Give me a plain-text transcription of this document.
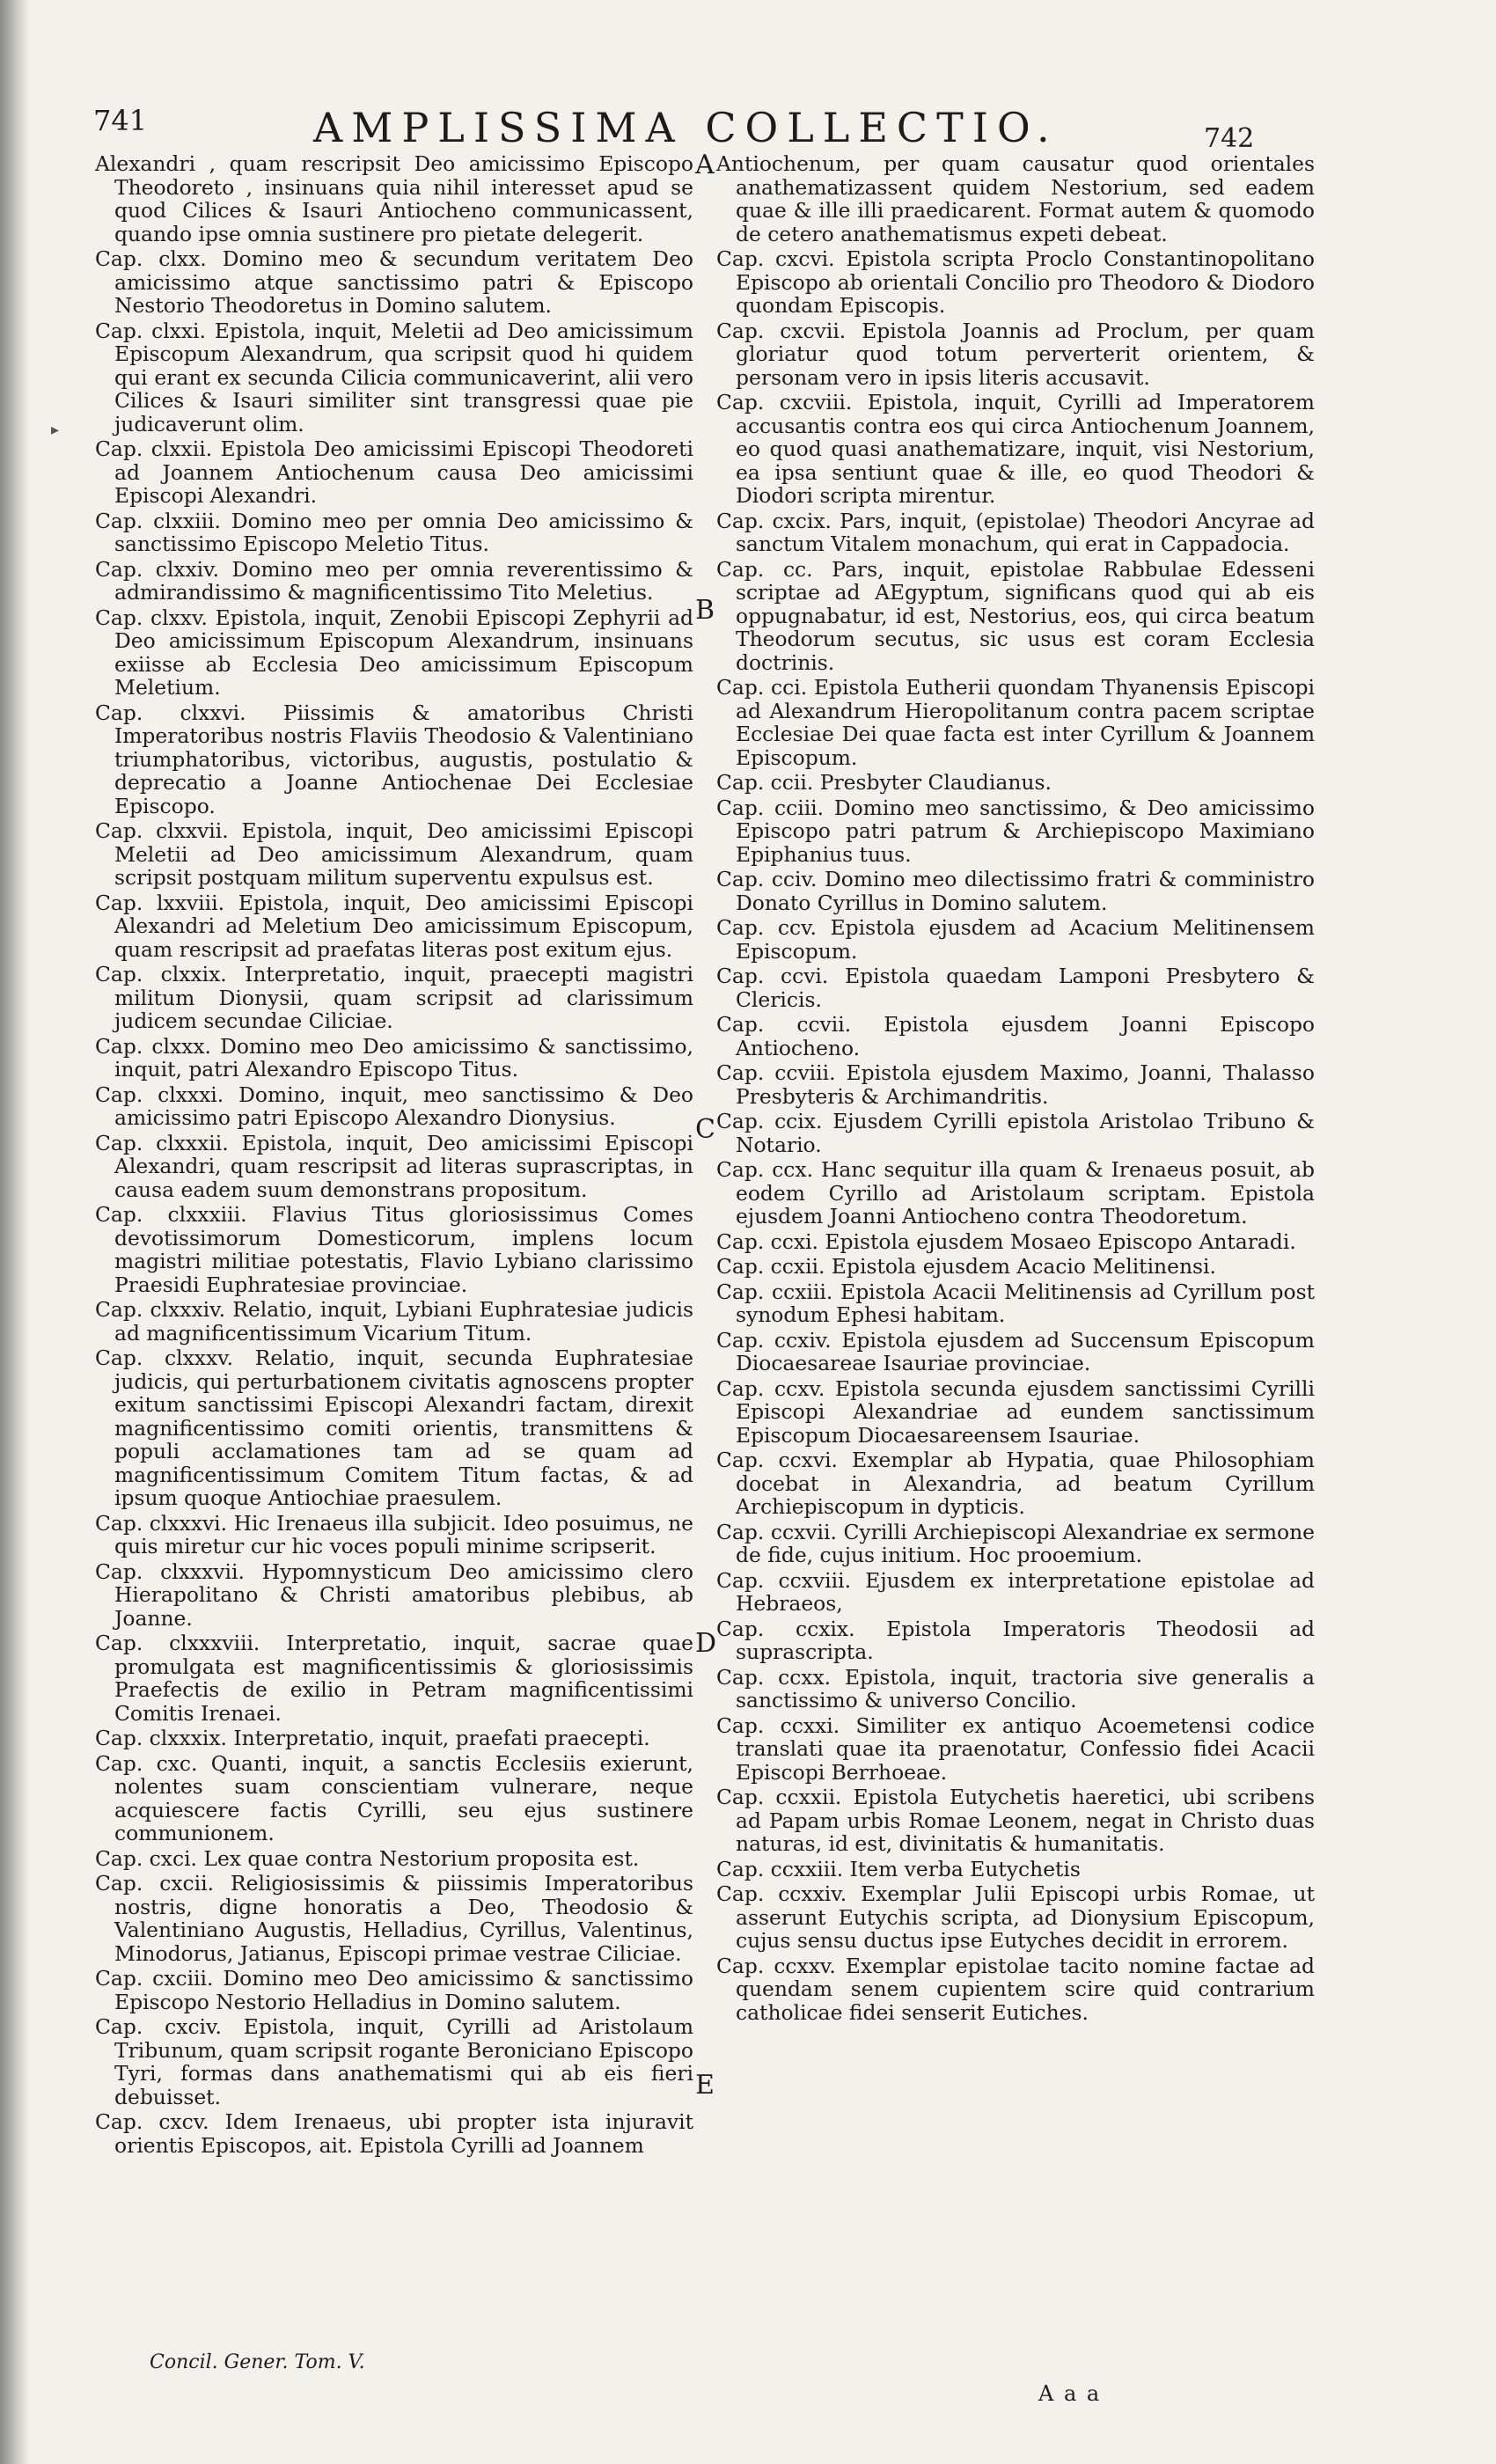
▸
741	AMPLISSIMA COLLECTIO.	742

Alexandri , quam rescripsit Deo amicissimo Episcopo Theodoreto , insinuans quia nihil interesset apud se quod Cilices & Isauri Antiocheno communicassent, quando ipse omnia sustinere pro pietate delegerit.

Cap. clxx. Domino meo & secundum veritatem Deo amicissimo atque sanctissimo patri & Episcopo Nestorio Theodoretus in Domino salutem.

Cap. clxxi. Epistola, inquit, Meletii ad Deo amicissimum Episcopum Alexandrum, qua scripsit quod hi quidem qui erant ex secunda Cilicia communicaverint, alii vero Cilices & Isauri similiter sint transgressi quae pie judicaverunt olim.

Cap. clxxii. Epistola Deo amicissimi Episcopi Theodoreti ad Joannem Antiochenum causa Deo amicissimi Episcopi Alexandri.

Cap. clxxiii. Domino meo per omnia Deo amicissimo & sanctissimo Episcopo Meletio Titus.

Cap. clxxiv. Domino meo per omnia reverentissimo & admirandissimo & magnificentissimo Tito Meletius.

Cap. clxxv. Epistola, inquit, Zenobii Episcopi Zephyrii ad Deo amicissimum Episcopum Alexandrum, insinuans exiisse ab Ecclesia Deo amicissimum Episcopum Meletium.

Cap. clxxvi. Piissimis & amatoribus Christi Imperatoribus nostris Flaviis Theodosio & Valentiniano triumphatoribus, victoribus, augustis, postulatio & deprecatio a Joanne Antiochenae Dei Ecclesiae Episcopo.

Cap. clxxvii. Epistola, inquit, Deo amicissimi Episcopi Meletii ad Deo amicissimum Alexandrum, quam scripsit postquam militum superventu expulsus est.

Cap. lxxviii. Epistola, inquit, Deo amicissimi Episcopi Alexandri ad Meletium Deo amicissimum Episcopum, quam rescripsit ad praefatas literas post exitum ejus.

Cap. clxxix. Interpretatio, inquit, praecepti magistri militum Dionysii, quam scripsit ad clarissimum judicem secundae Ciliciae.

Cap. clxxx. Domino meo Deo amicissimo & sanctissimo, inquit, patri Alexandro Episcopo Titus.

Cap. clxxxi. Domino, inquit, meo sanctissimo & Deo amicissimo patri Episcopo Alexandro Dionysius.

Cap. clxxxii. Epistola, inquit, Deo amicissimi Episcopi Alexandri, quam rescripsit ad literas suprascriptas, in causa eadem suum demonstrans propositum.

Cap. clxxxiii. Flavius Titus gloriosissimus Comes devotissimorum Domesticorum, implens locum magistri militiae potestatis, Flavio Lybiano clarissimo Praesidi Euphratesiae provinciae.

Cap. clxxxiv. Relatio, inquit, Lybiani Euphratesiae judicis ad magnificentissimum Vicarium Titum.

Cap. clxxxv. Relatio, inquit, secunda Euphratesiae judicis, qui perturbationem civitatis agnoscens propter exitum sanctissimi Episcopi Alexandri factam, direxit magnificentissimo comiti orientis, transmittens & populi acclamationes tam ad se quam ad magnificentissimum Comitem Titum factas, & ad ipsum quoque Antiochiae praesulem.

Cap. clxxxvi. Hic Irenaeus illa subjicit. Ideo posuimus, ne quis miretur cur hic voces populi minime scripserit.

Cap. clxxxvii. Hypomnysticum Deo amicissimo clero Hierapolitano & Christi amatoribus plebibus, ab Joanne.

Cap. clxxxviii. Interpretatio, inquit, sacrae quae promulgata est magnificentissimis & gloriosissimis Praefectis de exilio in Petram magnificentissimi Comitis Irenaei.

Cap. clxxxix. Interpretatio, inquit, praefati praecepti.

Cap. cxc. Quanti, inquit, a sanctis Ecclesiis exierunt, nolentes suam conscientiam vulnerare, neque acquiescere factis Cyrilli, seu ejus sustinere communionem.

Cap. cxci. Lex quae contra Nestorium proposita est.

Cap. cxcii. Religiosissimis & piissimis Imperatoribus nostris, digne honoratis a Deo, Theodosio & Valentiniano Augustis, Helladius, Cyrillus, Valentinus, Minodorus, Jatianus, Episcopi primae vestrae Ciliciae.

Cap. cxciii. Domino meo Deo amicissimo & sanctissimo Episcopo Nestorio Helladius in Domino salutem.

Cap. cxciv. Epistola, inquit, Cyrilli ad Aristolaum Tribunum, quam scripsit rogante Beroniciano Episcopo Tyri, formas dans anathematismi qui ab eis fieri debuisset.

Cap. cxcv. Idem Irenaeus, ubi propter ista injuravit orientis Episcopos, ait. Epistola Cyrilli ad Joannem

Antiochenum, per quam causatur quod orientales anathematizassent quidem Nestorium, sed eadem quae & ille illi praedicarent. Format autem & quomodo de cetero anathematismus expeti debeat.

Cap. cxcvi. Epistola scripta Proclo Constantinopolitano Episcopo ab orientali Concilio pro Theodoro & Diodoro quondam Episcopis.

Cap. cxcvii. Epistola Joannis ad Proclum, per quam gloriatur quod totum perverterit orientem, & personam vero in ipsis literis accusavit.

Cap. cxcviii. Epistola, inquit, Cyrilli ad Imperatorem accusantis contra eos qui circa Antiochenum Joannem, eo quod quasi anathematizare, inquit, visi Nestorium, ea ipsa sentiunt quae & ille, eo quod Theodori & Diodori scripta mirentur.

Cap. cxcix. Pars, inquit, (epistolae) Theodori Ancyrae ad sanctum Vitalem monachum, qui erat in Cappadocia.

Cap. cc. Pars, inquit, epistolae Rabbulae Edesseni scriptae ad AEgyptum, significans quod qui ab eis oppugnabatur, id est, Nestorius, eos, qui circa beatum Theodorum secutus, sic usus est coram Ecclesia doctrinis.

Cap. cci. Epistola Eutherii quondam Thyanensis Episcopi ad Alexandrum Hieropolitanum contra pacem scriptae Ecclesiae Dei quae facta est inter Cyrillum & Joannem Episcopum.

Cap. ccii. Presbyter Claudianus.

Cap. cciii. Domino meo sanctissimo, & Deo amicissimo Episcopo patri patrum & Archiepiscopo Maximiano Epiphanius tuus.

Cap. cciv. Domino meo dilectissimo fratri & comministro Donato Cyrillus in Domino salutem.

Cap. ccv. Epistola ejusdem ad Acacium Melitinensem Episcopum.

Cap. ccvi. Epistola quaedam Lamponi Presbytero & Clericis.

Cap. ccvii. Epistola ejusdem Joanni Episcopo Antiocheno.

Cap. ccviii. Epistola ejusdem Maximo, Joanni, Thalasso Presbyteris & Archimandritis.

Cap. ccix. Ejusdem Cyrilli epistola Aristolao Tribuno & Notario.

Cap. ccx. Hanc sequitur illa quam & Irenaeus posuit, ab eodem Cyrillo ad Aristolaum scriptam. Epistola ejusdem Joanni Antiocheno contra Theodoretum.

Cap. ccxi. Epistola ejusdem Mosaeo Episcopo Antaradi.

Cap. ccxii. Epistola ejusdem Acacio Melitinensi.

Cap. ccxiii. Epistola Acacii Melitinensis ad Cyrillum post synodum Ephesi habitam.

Cap. ccxiv. Epistola ejusdem ad Succensum Episcopum Diocaesareae Isauriae provinciae.

Cap. ccxv. Epistola secunda ejusdem sanctissimi Cyrilli Episcopi Alexandriae ad eundem sanctissimum Episcopum Diocaesareensem Isauriae.

Cap. ccxvi. Exemplar ab Hypatia, quae Philosophiam docebat in Alexandria, ad beatum Cyrillum Archiepiscopum in dypticis.

Cap. ccxvii. Cyrilli Archiepiscopi Alexandriae ex sermone de fide, cujus initium. Hoc prooemium.

Cap. ccxviii. Ejusdem ex interpretatione epistolae ad Hebraeos,

Cap. ccxix. Epistola Imperatoris Theodosii ad suprascripta.

Cap. ccxx. Epistola, inquit, tractoria sive generalis a sanctissimo & universo Concilio.

Cap. ccxxi. Similiter ex antiquo Acoemetensi codice translati quae ita praenotatur, Confessio fidei Acacii Episcopi Berrhoeae.

Cap. ccxxii. Epistola Eutychetis haeretici, ubi scribens ad Papam urbis Romae Leonem, negat in Christo duas naturas, id est, divinitatis & humanitatis.

Cap. ccxxiii. Item verba Eutychetis

Cap. ccxxiv. Exemplar Julii Episcopi urbis Romae, ut asserunt Eutychis scripta, ad Dionysium Episcopum, cujus sensu ductus ipse Eutyches decidit in errorem.

Cap. ccxxv. Exemplar epistolae tacito nomine factae ad quendam senem cupientem scire quid contrarium catholicae fidei senserit Eutiches.

A
B
C
D
E
Concil. Gener. Tom. V.
A a a
